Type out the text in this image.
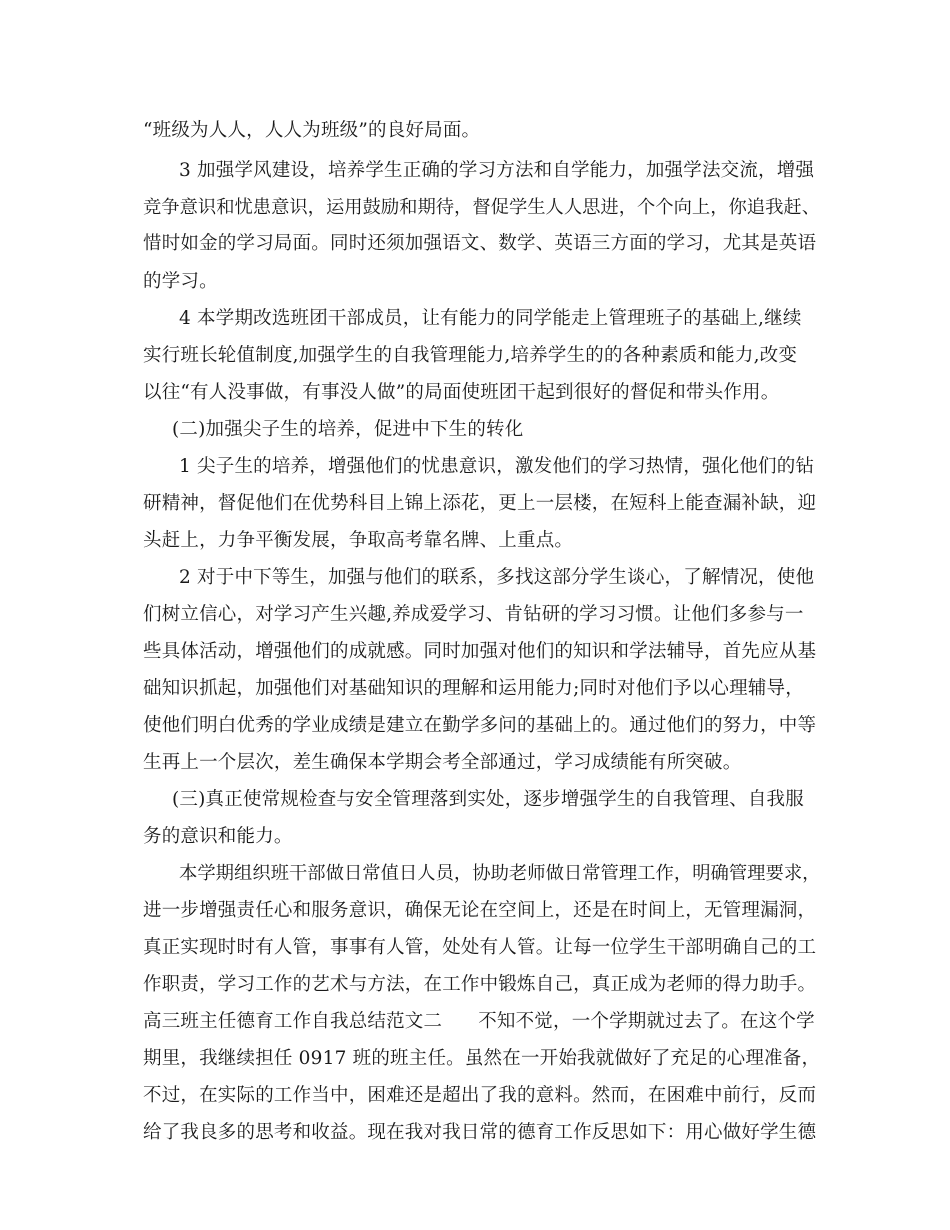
“班级为人人，人人为班级”的良好局面。
3 加强学风建设，培养学生正确的学习方法和自学能力，加强学法交流，增强
竞争意识和忧患意识，运用鼓励和期待，督促学生人人思进，个个向上，你追我赶、
惜时如金的学习局面。同时还须加强语文、数学、英语三方面的学习，尤其是英语
的学习。
4 本学期改选班团干部成员，让有能力的同学能走上管理班子的基础上,继续
实行班长轮值制度,加强学生的自我管理能力,培养学生的的各种素质和能力,改变
以往“有人没事做，有事没人做”的局面使班团干起到很好的督促和带头作用。
(二)加强尖子生的培养，促进中下生的转化
1 尖子生的培养，增强他们的忧患意识，激发他们的学习热情，强化他们的钻
研精神，督促他们在优势科目上锦上添花，更上一层楼，在短科上能查漏补缺，迎
头赶上，力争平衡发展，争取高考靠名牌、上重点。
2 对于中下等生，加强与他们的联系，多找这部分学生谈心，了解情况，使他
们树立信心，对学习产生兴趣,养成爱学习、肯钻研的学习习惯。让他们多参与一
些具体活动，增强他们的成就感。同时加强对他们的知识和学法辅导，首先应从基
础知识抓起，加强他们对基础知识的理解和运用能力;同时对他们予以心理辅导，
使他们明白优秀的学业成绩是建立在勤学多问的基础上的。通过他们的努力，中等
生再上一个层次，差生确保本学期会考全部通过，学习成绩能有所突破。
(三)真正使常规检查与安全管理落到实处，逐步增强学生的自我管理、自我服
务的意识和能力。
本学期组织班干部做日常值日人员，协助老师做日常管理工作，明确管理要求，
进一步增强责任心和服务意识，确保无论在空间上，还是在时间上，无管理漏洞，
真正实现时时有人管，事事有人管，处处有人管。让每一位学生干部明确自己的工
作职责，学习工作的艺术与方法，在工作中锻炼自己，真正成为老师的得力助手。
高三班主任德育工作自我总结范文二 不知不觉，一个学期就过去了。在这个学
期里，我继续担任 0917 班的班主任。虽然在一开始我就做好了充足的心理准备，
不过，在实际的工作当中，困难还是超出了我的意料。然而，在困难中前行，反而
给了我良多的思考和收益。现在我对我日常的德育工作反思如下：用心做好学生德
